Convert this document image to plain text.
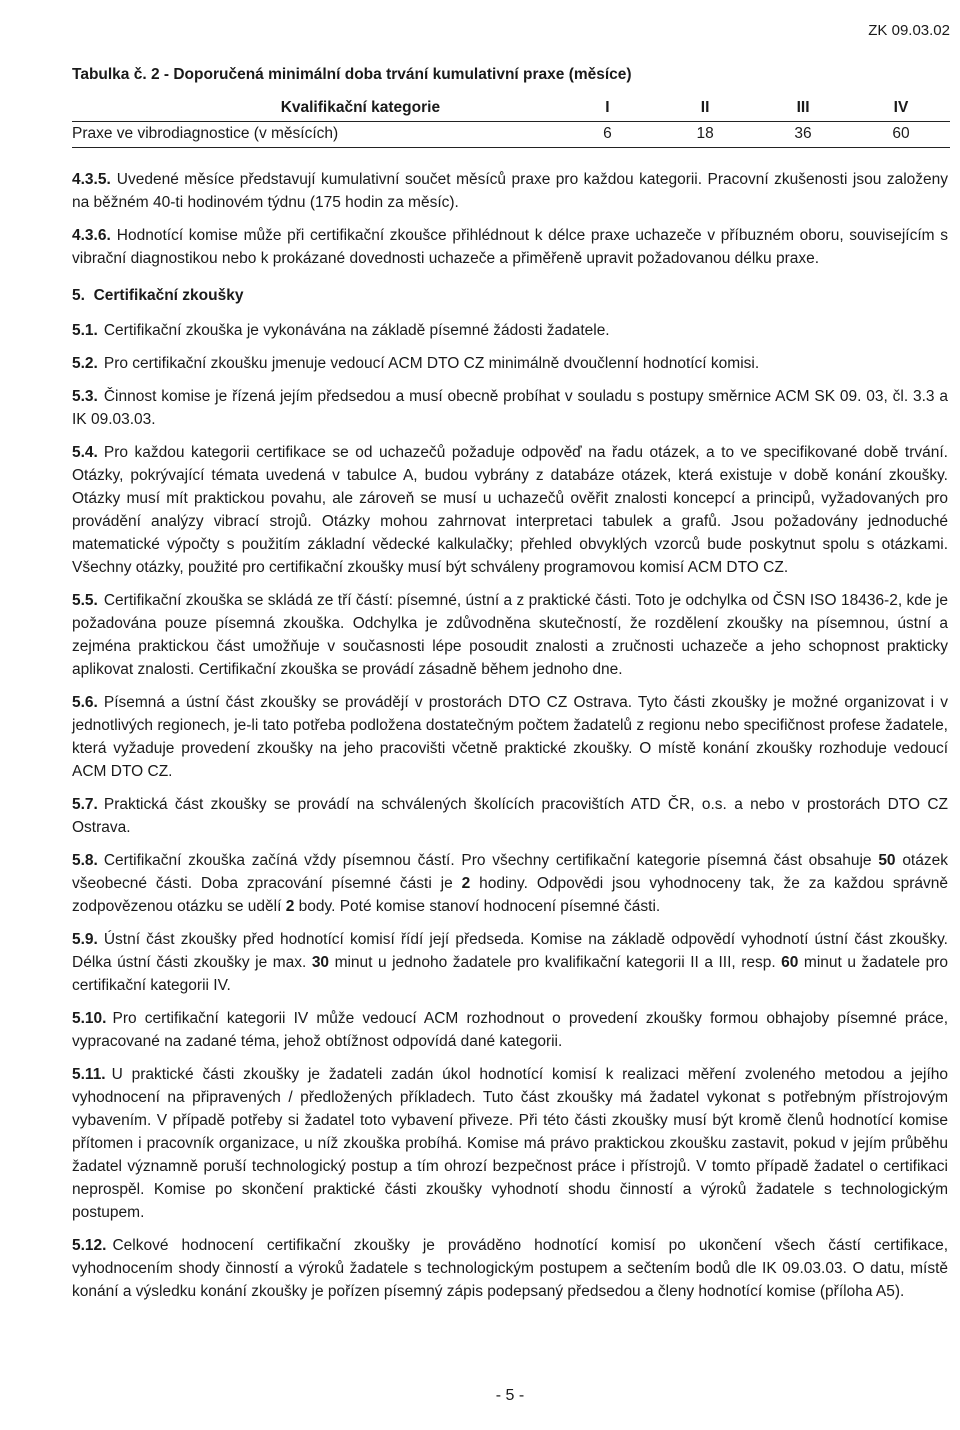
ZK 09.03.02
Tabulka č. 2 - Doporučená minimální doba trvání kumulativní praxe (měsíce)
Kvalifikační kategorie	I	II	III	IV
Praxe ve vibrodiagnostice (v měsících)	6	18	36	60

4.3.5. Uvedené měsíce představují kumulativní součet měsíců praxe pro každou kategorii. Pracovní zkušenosti jsou založeny na běžném 40-ti hodinovém týdnu (175 hodin za měsíc).

4.3.6. Hodnotící komise může při certifikační zkoušce přihlédnout k délce praxe uchazeče v příbuzném oboru, souvisejícím s vibrační diagnostikou nebo k prokázané dovednosti uchazeče a přiměřeně upravit požadovanou délku praxe.

5. Certifikační zkoušky

5.1. Certifikační zkouška je vykonávána na základě písemné žádosti žadatele.

5.2. Pro certifikační zkoušku jmenuje vedoucí ACM DTO CZ minimálně dvoučlenní hodnotící komisi.

5.3. Činnost komise je řízená jejím předsedou a musí obecně probíhat v souladu s postupy směrnice ACM SK 09. 03, čl. 3.3 a IK 09.03.03.

5.4. Pro každou kategorii certifikace se od uchazečů požaduje odpověď na řadu otázek, a to ve specifikované době trvání. Otázky, pokrývající témata uvedená v tabulce A, budou vybrány z databáze otázek, která existuje v době konání zkoušky. Otázky musí mít praktickou povahu, ale zároveň se musí u uchazečů ověřit znalosti koncepcí a principů, vyžadovaných pro provádění analýzy vibrací strojů. Otázky mohou zahrnovat interpretaci tabulek a grafů. Jsou požadovány jednoduché matematické výpočty s použitím základní vědecké kalkulačky; přehled obvyklých vzorců bude poskytnut spolu s otázkami. Všechny otázky, použité pro certifikační zkoušky musí být schváleny programovou komisí ACM DTO CZ.

5.5. Certifikační zkouška se skládá ze tří částí: písemné, ústní a z praktické části. Toto je odchylka od ČSN ISO 18436-2, kde je požadována pouze písemná zkouška. Odchylka je zdůvodněna skutečností, že rozdělení zkoušky na písemnou, ústní a zejména praktickou část umožňuje v současnosti lépe posoudit znalosti a zručnosti uchazeče a jeho schopnost prakticky aplikovat znalosti. Certifikační zkouška se provádí zásadně během jednoho dne.

5.6. Písemná a ústní část zkoušky se provádějí v prostorách DTO CZ Ostrava. Tyto části zkoušky je možné organizovat i v jednotlivých regionech, je-li tato potřeba podložena dostatečným počtem žadatelů z regionu nebo specifičnost profese žadatele, která vyžaduje provedení zkoušky na jeho pracovišti včetně praktické zkoušky. O místě konání zkoušky rozhoduje vedoucí ACM DTO CZ.

5.7. Praktická část zkoušky se provádí na schválených školících pracovištích ATD ČR, o.s. a nebo v prostorách DTO CZ Ostrava.

5.8. Certifikační zkouška začíná vždy písemnou částí. Pro všechny certifikační kategorie písemná část obsahuje 50 otázek všeobecné části. Doba zpracování písemné části je 2 hodiny. Odpovědi jsou vyhodnoceny tak, že za každou správně zodpovězenou otázku se udělí 2 body. Poté komise stanoví hodnocení písemné části.

5.9. Ústní část zkoušky před hodnotící komisí řídí její předseda. Komise na základě odpovědí vyhodnotí ústní část zkoušky. Délka ústní části zkoušky je max. 30 minut u jednoho žadatele pro kvalifikační kategorii II a III, resp. 60 minut u žadatele pro certifikační kategorii IV.

5.10. Pro certifikační kategorii IV může vedoucí ACM rozhodnout o provedení zkoušky formou obhajoby písemné práce, vypracované na zadané téma, jehož obtížnost odpovídá dané kategorii.

5.11. U praktické části zkoušky je žadateli zadán úkol hodnotící komisí k realizaci měření zvoleného metodou a jejího vyhodnocení na připravených / předložených příkladech. Tuto část zkoušky má žadatel vykonat s potřebným přístrojovým vybavením. V případě potřeby si žadatel toto vybavení přiveze. Při této části zkoušky musí být kromě členů hodnotící komise přítomen i pracovník organizace, u níž zkouška probíhá. Komise má právo praktickou zkoušku zastavit, pokud v jejím průběhu žadatel významně poruší technologický postup a tím ohrozí bezpečnost práce i přístrojů. V tomto případě žadatel o certifikaci neprospěl. Komise po skončení praktické části zkoušky vyhodnotí shodu činností a výroků žadatele s technologickým postupem.

5.12. Celkové hodnocení certifikační zkoušky je prováděno hodnotící komisí po ukončení všech částí certifikace, vyhodnocením shody činností a výroků žadatele s technologickým postupem a sečtením bodů dle IK 09.03.03. O datu, místě konání a výsledku konání zkoušky je pořízen písemný zápis podepsaný předsedou a členy hodnotící komise (příloha A5).

- 5 -
